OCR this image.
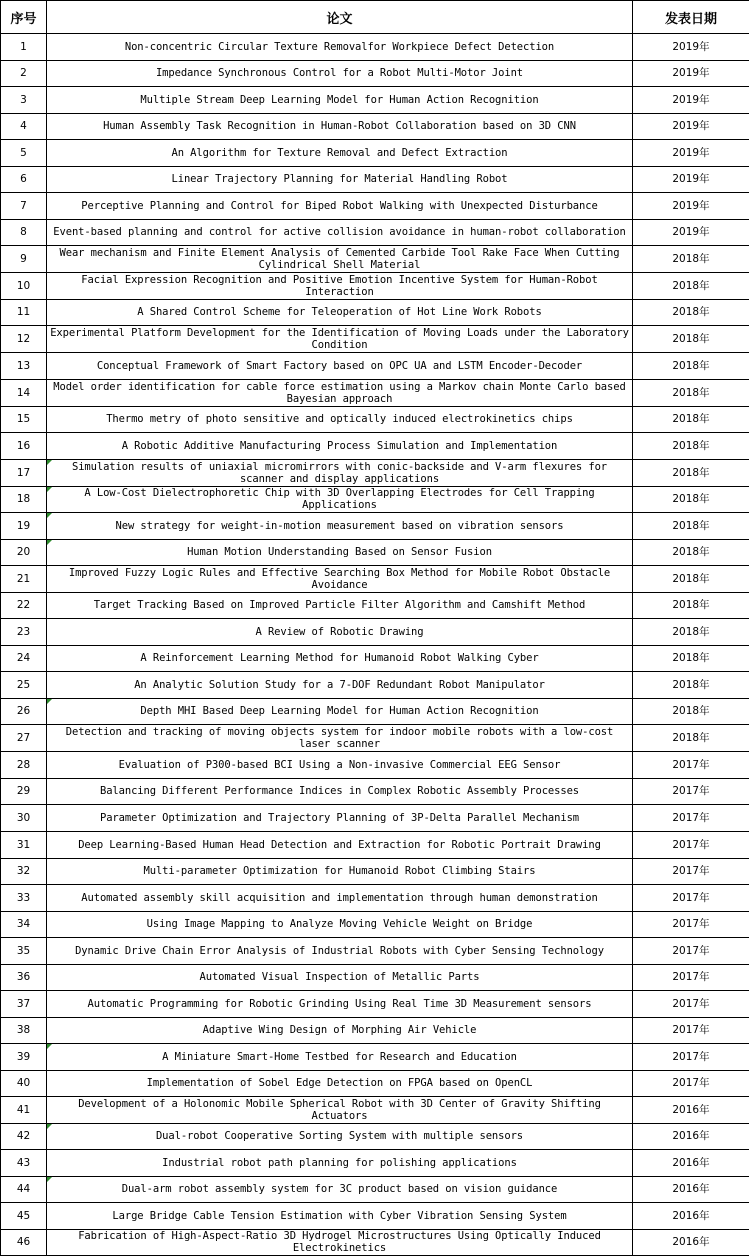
序号	论文	发表日期
1	Non-concentric Circular Texture Removalfor Workpiece Defect Detection	2019年
2	Impedance Synchronous Control for a Robot Multi-Motor Joint	2019年
3	Multiple Stream Deep Learning Model for Human Action Recognition	2019年
4	Human Assembly Task Recognition in Human-Robot Collaboration based on 3D CNN	2019年
5	An Algorithm for Texture Removal and Defect Extraction	2019年
6	Linear Trajectory Planning for Material Handling Robot	2019年
7	Perceptive Planning and Control for Biped Robot Walking with Unexpected Disturbance	2019年
8	Event-based planning and control for active collision avoidance in human-robot collaboration	2019年
9	Wear mechanism and Finite Element Analysis of Cemented Carbide Tool Rake Face When Cutting Cylindrical Shell Material	2018年
10	Facial Expression Recognition and Positive Emotion Incentive System for Human-Robot Interaction	2018年
11	A Shared Control Scheme for Teleoperation of Hot Line Work Robots	2018年
12	Experimental Platform Development for the Identification of Moving Loads under the Laboratory Condition	2018年
13	Conceptual Framework of Smart Factory based on OPC UA and LSTM Encoder-Decoder	2018年
14	Model order identification for cable force estimation using a Markov chain Monte Carlo based Bayesian approach	2018年
15	Thermo metry of photo sensitive and optically induced electrokinetics chips	2018年
16	A Robotic Additive Manufacturing Process Simulation and Implementation	2018年
17	Simulation results of uniaxial micromirrors with conic-backside and V-arm flexures for scanner and display applications	2018年
18	A Low-Cost Dielectrophoretic Chip with 3D Overlapping Electrodes for Cell Trapping Applications	2018年
19	New strategy for weight-in-motion measurement based on vibration sensors	2018年
20	Human Motion Understanding Based on Sensor Fusion	2018年
21	Improved Fuzzy Logic Rules and Effective Searching Box Method for Mobile Robot Obstacle Avoidance	2018年
22	Target Tracking Based on Improved Particle Filter Algorithm and Camshift Method	2018年
23	A Review of Robotic Drawing	2018年
24	A Reinforcement Learning Method for Humanoid Robot Walking Cyber	2018年
25	An Analytic Solution Study for a 7-DOF Redundant Robot Manipulator	2018年
26	Depth MHI Based Deep Learning Model for Human Action Recognition	2018年
27	Detection and tracking of moving objects system for indoor mobile robots with a low-cost laser scanner	2018年
28	Evaluation of P300-based BCI Using a Non-invasive Commercial EEG Sensor	2017年
29	Balancing Different Performance Indices in Complex Robotic Assembly Processes	2017年
30	Parameter Optimization and Trajectory Planning of 3P-Delta Parallel Mechanism	2017年
31	Deep Learning-Based Human Head Detection and Extraction for Robotic Portrait Drawing	2017年
32	Multi-parameter Optimization for Humanoid Robot Climbing Stairs	2017年
33	Automated assembly skill acquisition and implementation through human demonstration	2017年
34	Using Image Mapping to Analyze Moving Vehicle Weight on Bridge	2017年
35	Dynamic Drive Chain Error Analysis of Industrial Robots with Cyber Sensing Technology	2017年
36	Automated Visual Inspection of Metallic Parts	2017年
37	Automatic Programming for Robotic Grinding Using Real Time 3D Measurement sensors	2017年
38	Adaptive Wing Design of Morphing Air Vehicle	2017年
39	A Miniature Smart-Home Testbed for Research and Education	2017年
40	Implementation of Sobel Edge Detection on FPGA based on OpenCL	2017年
41	Development of a Holonomic Mobile Spherical Robot with 3D Center of Gravity Shifting Actuators	2016年
42	Dual-robot Cooperative Sorting System with multiple sensors	2016年
43	Industrial robot path planning for polishing applications	2016年
44	Dual-arm robot assembly system for 3C product based on vision guidance	2016年
45	Large Bridge Cable Tension Estimation with Cyber Vibration Sensing System	2016年
46	Fabrication of High-Aspect-Ratio 3D Hydrogel Microstructures Using Optically Induced Electrokinetics	2016年
